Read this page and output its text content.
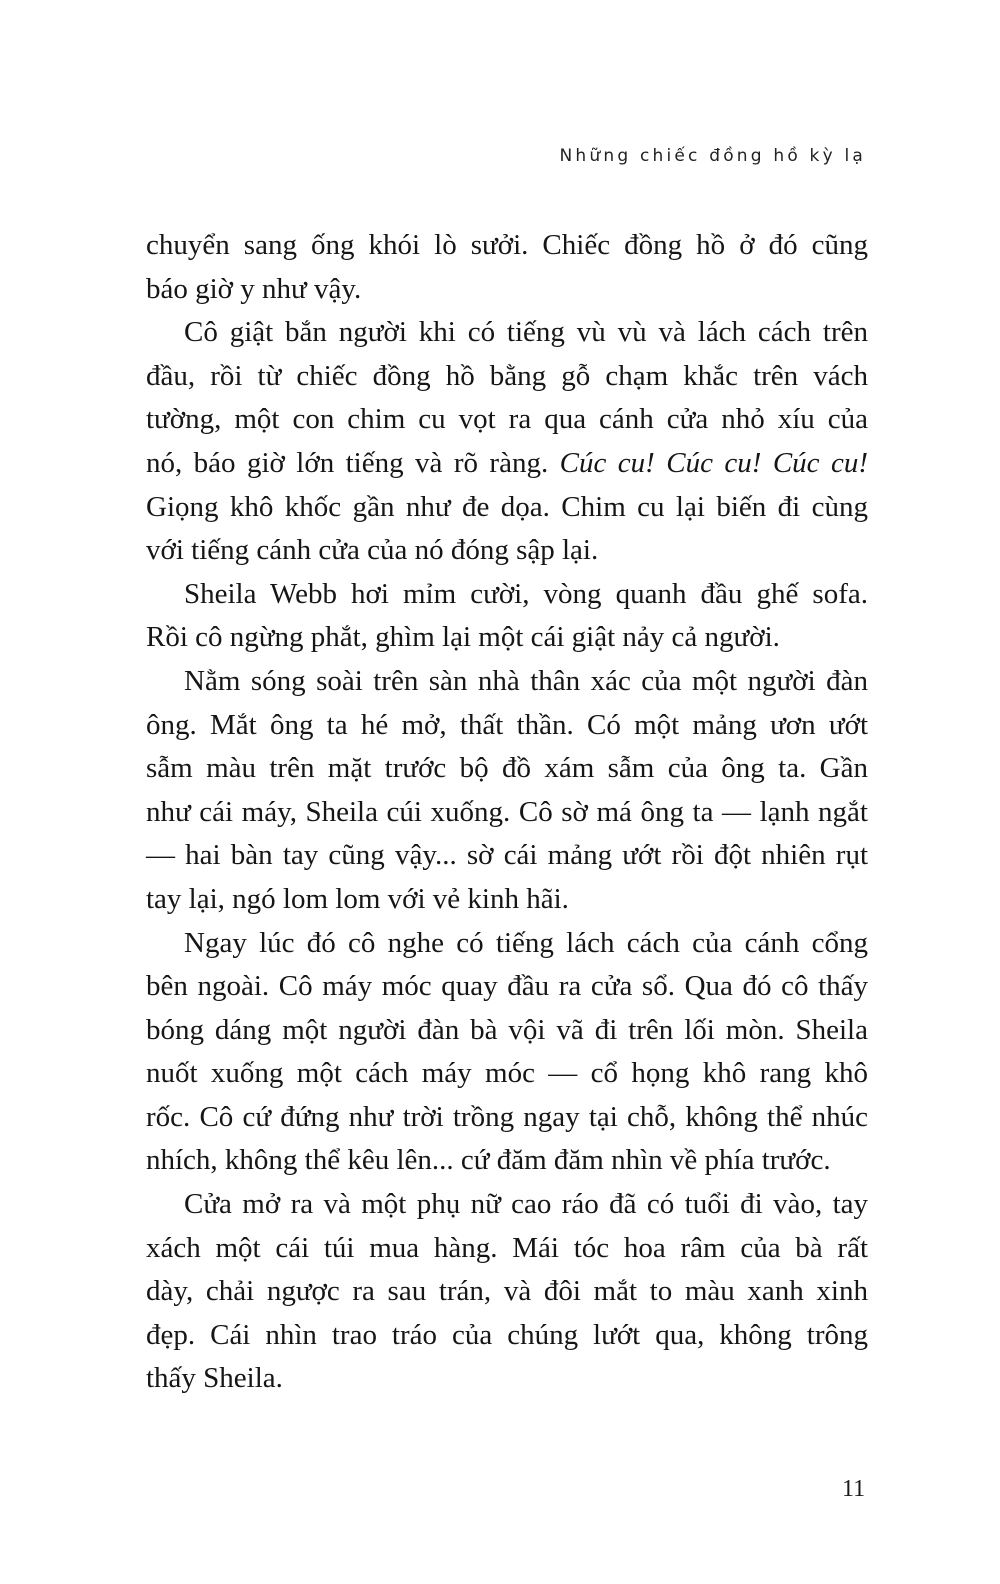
Những chiếc đồng hồ kỳ lạ

chuyển sang ống khói lò sưởi. Chiếc đồng hồ ở đó cũng
báo giờ y như vậy.

Cô giật bắn người khi có tiếng vù vù và lách cách trên
đầu, rồi từ chiếc đồng hồ bằng gỗ chạm khắc trên vách
tường, một con chim cu vọt ra qua cánh cửa nhỏ xíu của
nó, báo giờ lớn tiếng và rõ ràng. Cúc cu! Cúc cu! Cúc cu!
Giọng khô khốc gần như đe dọa. Chim cu lại biến đi cùng
với tiếng cánh cửa của nó đóng sập lại.

Sheila Webb hơi mỉm cười, vòng quanh đầu ghế sofa.
Rồi cô ngừng phắt, ghìm lại một cái giật nảy cả người.

Nằm sóng soài trên sàn nhà thân xác của một người đàn
ông. Mắt ông ta hé mở, thất thần. Có một mảng ươn ướt
sẫm màu trên mặt trước bộ đồ xám sẫm của ông ta. Gần
như cái máy, Sheila cúi xuống. Cô sờ má ông ta — lạnh ngắt
— hai bàn tay cũng vậy... sờ cái mảng ướt rồi đột nhiên rụt
tay lại, ngó lom lom với vẻ kinh hãi.

Ngay lúc đó cô nghe có tiếng lách cách của cánh cổng
bên ngoài. Cô máy móc quay đầu ra cửa sổ. Qua đó cô thấy
bóng dáng một người đàn bà vội vã đi trên lối mòn. Sheila
nuốt xuống một cách máy móc — cổ họng khô rang khô
rốc. Cô cứ đứng như trời trồng ngay tại chỗ, không thể nhúc
nhích, không thể kêu lên... cứ đăm đăm nhìn về phía trước.

Cửa mở ra và một phụ nữ cao ráo đã có tuổi đi vào, tay
xách một cái túi mua hàng. Mái tóc hoa râm của bà rất
dày, chải ngược ra sau trán, và đôi mắt to màu xanh xinh
đẹp. Cái nhìn trao tráo của chúng lướt qua, không trông
thấy Sheila.

11
